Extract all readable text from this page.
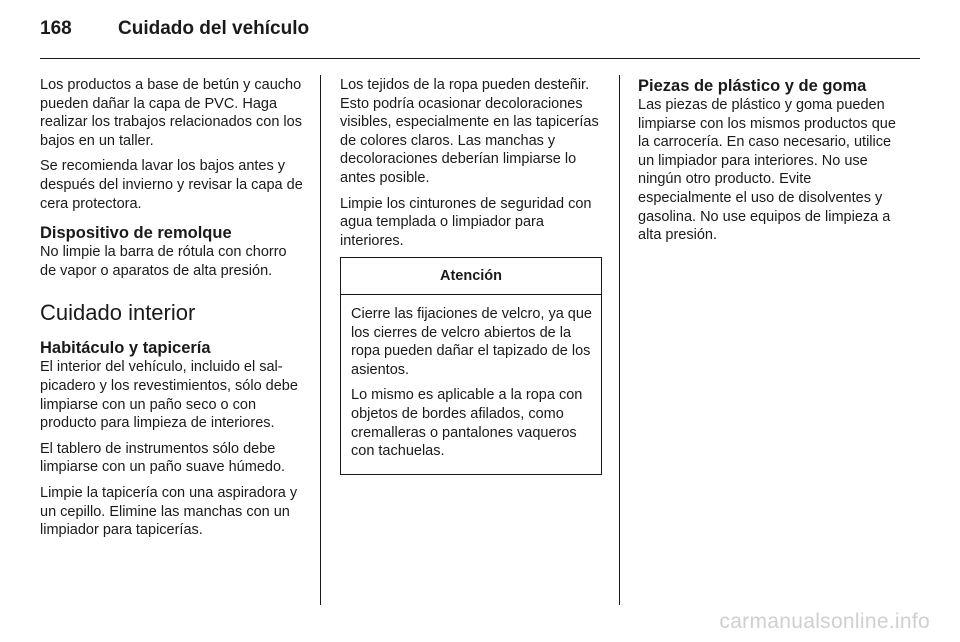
168	Cuidado del vehículo

Los productos a base de betún y caucho pueden dañar la capa de PVC. Haga realizar los trabajos relacionados con los bajos en un taller.

Se recomienda lavar los bajos antes y después del invierno y revisar la capa de cera protectora.

Dispositivo de remolque

No limpie la barra de rótula con chorro de vapor o aparatos de alta presión.

Cuidado interior
Habitáculo y tapicería

El interior del vehículo, incluido el salpicadero y los revestimientos, sólo debe limpiarse con un paño seco o con producto para limpieza de interiores.

El tablero de instrumentos sólo debe limpiarse con un paño suave húmedo.

Limpie la tapicería con una aspiradora y un cepillo. Elimine las manchas con un limpiador para tapicerías.

Los tejidos de la ropa pueden desteñir. Esto podría ocasionar decoloraciones visibles, especialmente en las tapicerías de colores claros. Las manchas y decoloraciones deberían limpiarse lo antes posible.

Limpie los cinturones de seguridad con agua templada o limpiador para interiores.

Atención

Cierre las fijaciones de velcro, ya que los cierres de velcro abiertos de la ropa pueden dañar el tapizado de los asientos.

Lo mismo es aplicable a la ropa con objetos de bordes afilados, como cremalleras o pantalones vaqueros con tachuelas.

Piezas de plástico y de goma

Las piezas de plástico y goma pueden limpiarse con los mismos productos que la carrocería. En caso necesario, utilice un limpiador para interiores. No use ningún otro producto. Evite especialmente el uso de disolventes y gasolina. No use equipos de limpieza a alta presión.

carmanualsonline.info
